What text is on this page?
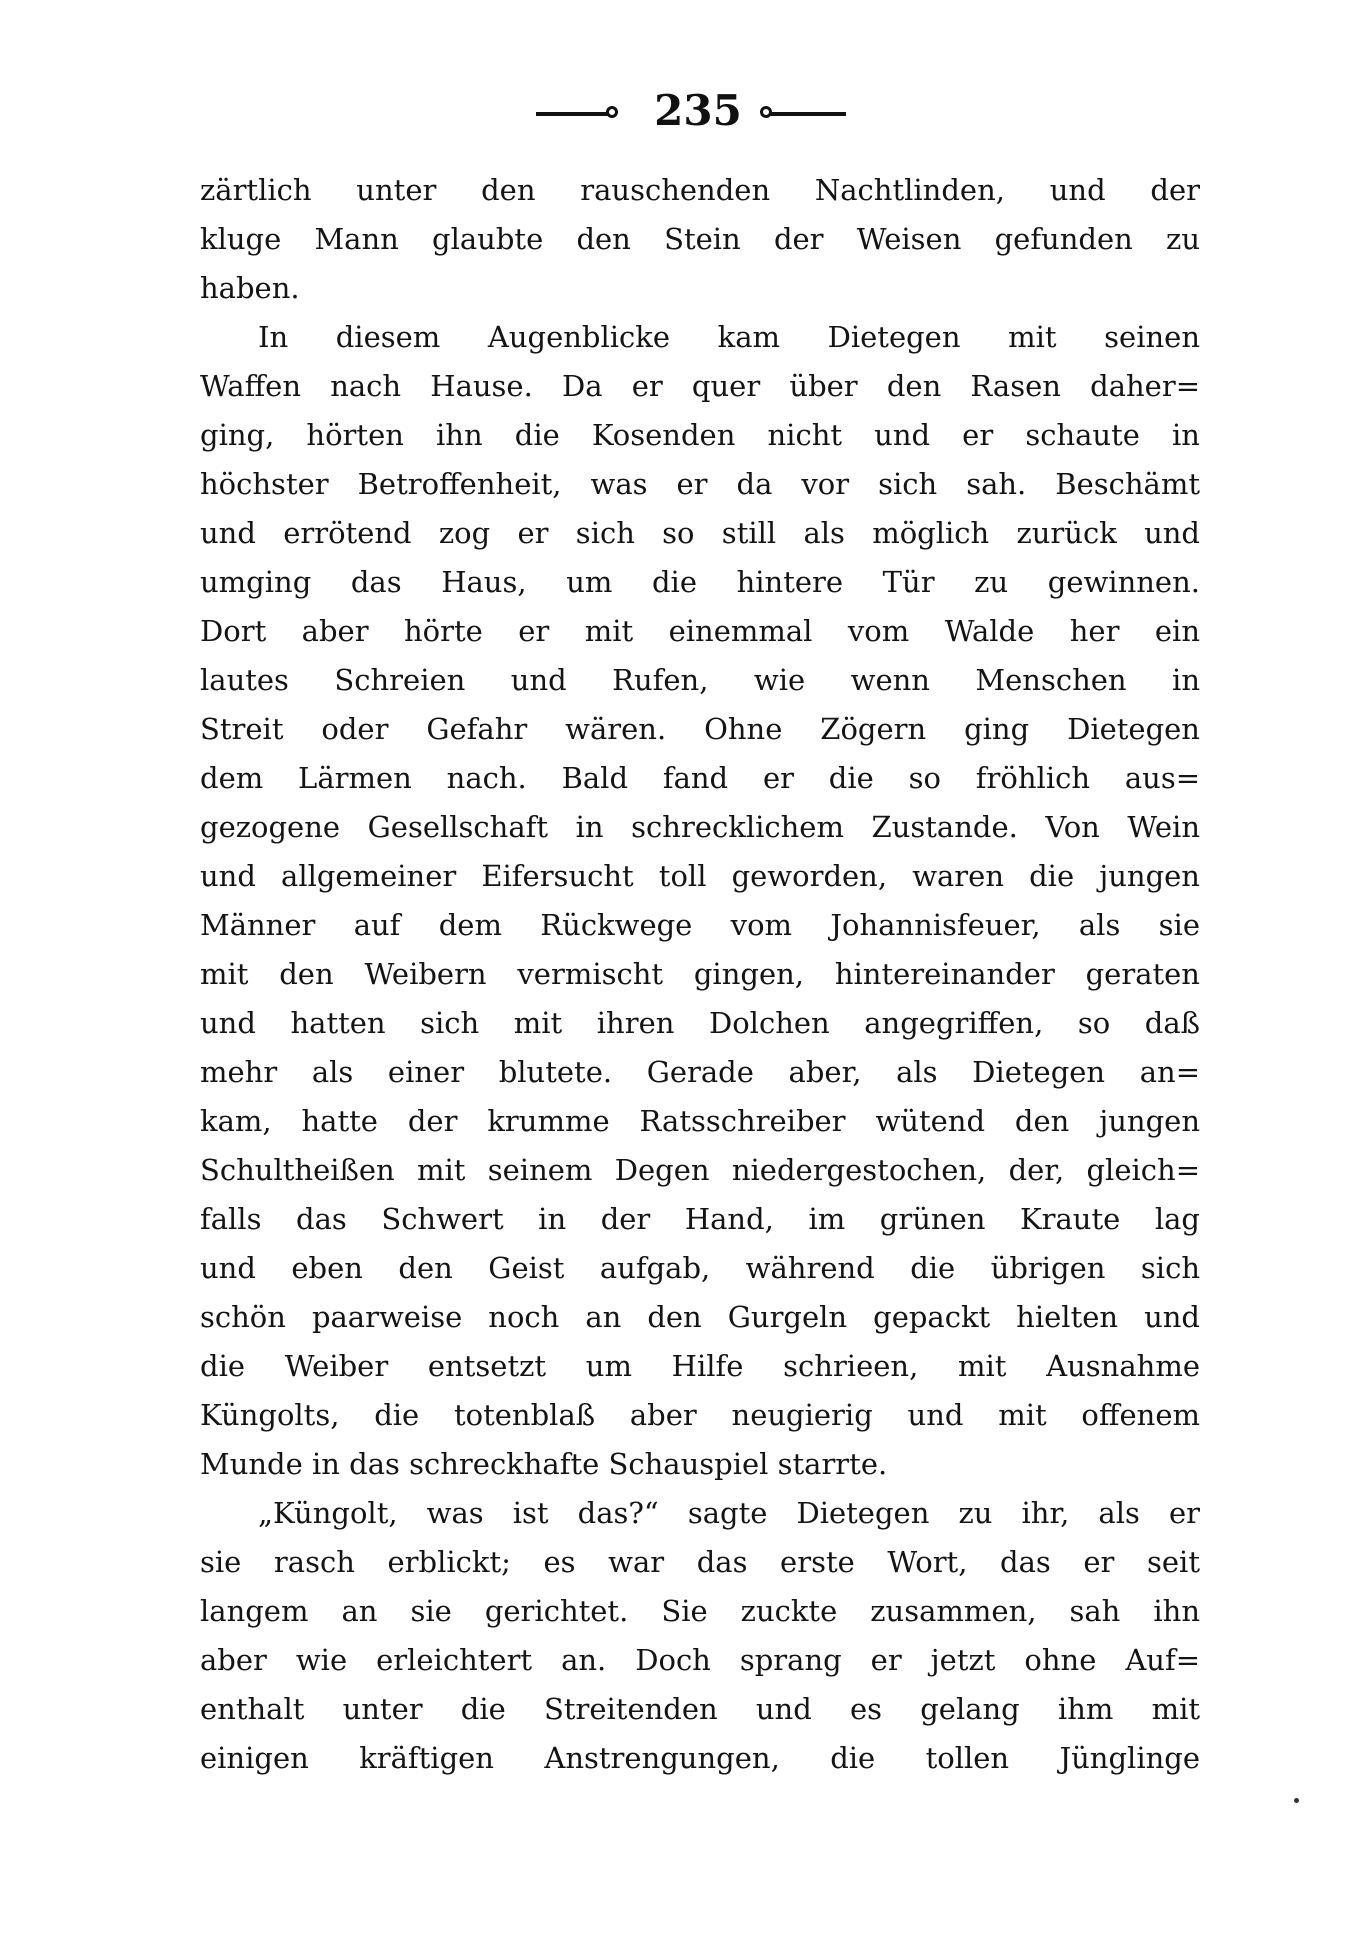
235
zärtlich unter den rauschenden Nachtlinden, und der
kluge Mann glaubte den Stein der Weisen gefunden zu
haben.
In diesem Augenblicke kam Dietegen mit seinen
Waffen nach Hause. Da er quer über den Rasen daher=
ging, hörten ihn die Kosenden nicht und er schaute in
höchster Betroffenheit, was er da vor sich sah. Beschämt
und errötend zog er sich so still als möglich zurück und
umging das Haus, um die hintere Tür zu gewinnen.
Dort aber hörte er mit einemmal vom Walde her ein
lautes Schreien und Rufen, wie wenn Menschen in
Streit oder Gefahr wären. Ohne Zögern ging Dietegen
dem Lärmen nach. Bald fand er die so fröhlich aus=
gezogene Gesellschaft in schrecklichem Zustande. Von Wein
und allgemeiner Eifersucht toll geworden, waren die jungen
Männer auf dem Rückwege vom Johannisfeuer, als sie
mit den Weibern vermischt gingen, hintereinander geraten
und hatten sich mit ihren Dolchen angegriffen, so daß
mehr als einer blutete. Gerade aber, als Dietegen an=
kam, hatte der krumme Ratsschreiber wütend den jungen
Schultheißen mit seinem Degen niedergestochen, der, gleich=
falls das Schwert in der Hand, im grünen Kraute lag
und eben den Geist aufgab, während die übrigen sich
schön paarweise noch an den Gurgeln gepackt hielten und
die Weiber entsetzt um Hilfe schrieen, mit Ausnahme
Küngolts, die totenblaß aber neugierig und mit offenem
Munde in das schreckhafte Schauspiel starrte.
„Küngolt, was ist das?“ sagte Dietegen zu ihr, als er
sie rasch erblickt; es war das erste Wort, das er seit
langem an sie gerichtet. Sie zuckte zusammen, sah ihn
aber wie erleichtert an. Doch sprang er jetzt ohne Auf=
enthalt unter die Streitenden und es gelang ihm mit
einigen kräftigen Anstrengungen, die tollen Jünglinge
